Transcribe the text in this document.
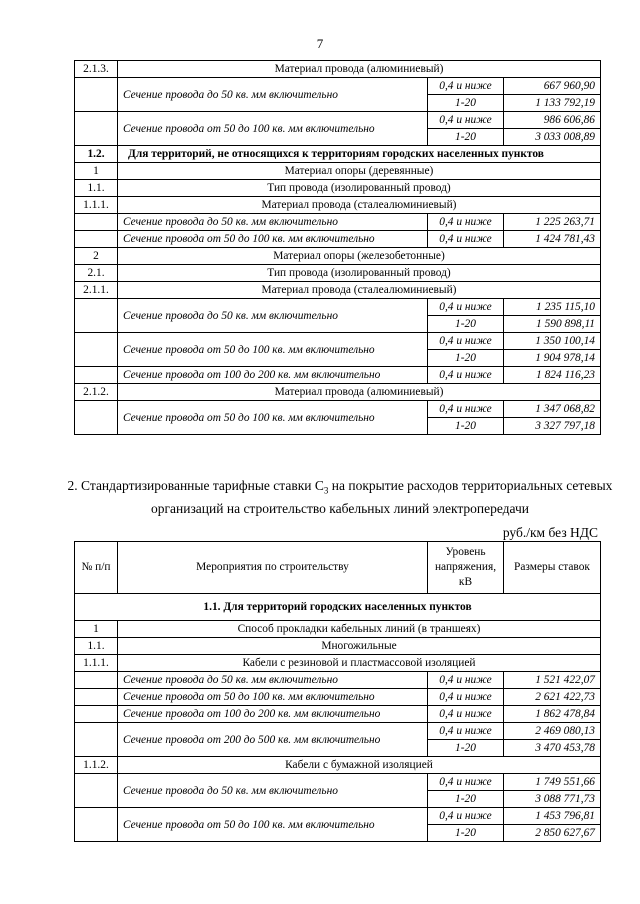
7
2.1.3.	Материал провода (алюминиевый)		
	Сечение провода до 50 кв. мм включительно	0,4 и ниже	667 960,90
		1-20	1 133 792,19
	Сечение провода от 50 до 100 кв. мм включительно	0,4 и ниже	986 606,86
		1-20	3 033 008,89
1.2.	Для территорий, не относящихся к территориям городских населенных пунктов		
1	Материал опоры (деревянные)		
1.1.	Тип провода (изолированный провод)		
1.1.1.	Материал провода (сталеалюминиевый)		
	Сечение провода до 50 кв. мм включительно	0,4 и ниже	1 225 263,71
	Сечение провода от 50 до 100 кв. мм включительно	0,4 и ниже	1 424 781,43
2	Материал опоры (железобетонные)		
2.1.	Тип провода (изолированный провод)		
2.1.1.	Материал провода (сталеалюминиевый)		
	Сечение провода до 50 кв. мм включительно	0,4 и ниже	1 235 115,10
		1-20	1 590 898,11
	Сечение провода от 50 до 100 кв. мм включительно	0,4 и ниже	1 350 100,14
		1-20	1 904 978,14
	Сечение провода от 100 до 200 кв. мм включительно	0,4 и ниже	1 824 116,23
2.1.2.	Материал провода (алюминиевый)		
	Сечение провода от 50 до 100 кв. мм включительно	0,4 и ниже	1 347 068,82
		1-20	3 327 797,18
2. Стандартизированные тарифные ставки $С_3$ на покрытие расходов территориальных сетевых организаций на строительство кабельных линий электропередачи
руб./км без НДС
№ п/п	Мероприятия по строительству	Уровень напряжения, кВ	Размеры ставок
1.1. Для территорий городских населенных пунктов			
1	Способ прокладки кабельных линий (в траншеях)		
1.1.	Многожильные		
1.1.1.	Кабели с резиновой и пластмассовой изоляцией		
	Сечение провода до 50 кв. мм включительно	0,4 и ниже	1 521 422,07
	Сечение провода от 50 до 100 кв. мм включительно	0,4 и ниже	2 621 422,73
	Сечение провода от 100 до 200 кв. мм включительно	0,4 и ниже	1 862 478,84
	Сечение провода от 200 до 500 кв. мм включительно	0,4 и ниже	2 469 080,13
		1-20	3 470 453,78
1.1.2.	Кабели с бумажной изоляцией		
	Сечение провода до 50 кв. мм включительно	0,4 и ниже	1 749 551,66
		1-20	3 088 771,73
	Сечение провода от 50 до 100 кв. мм включительно	0,4 и ниже	1 453 796,81
		1-20	2 850 627,67
